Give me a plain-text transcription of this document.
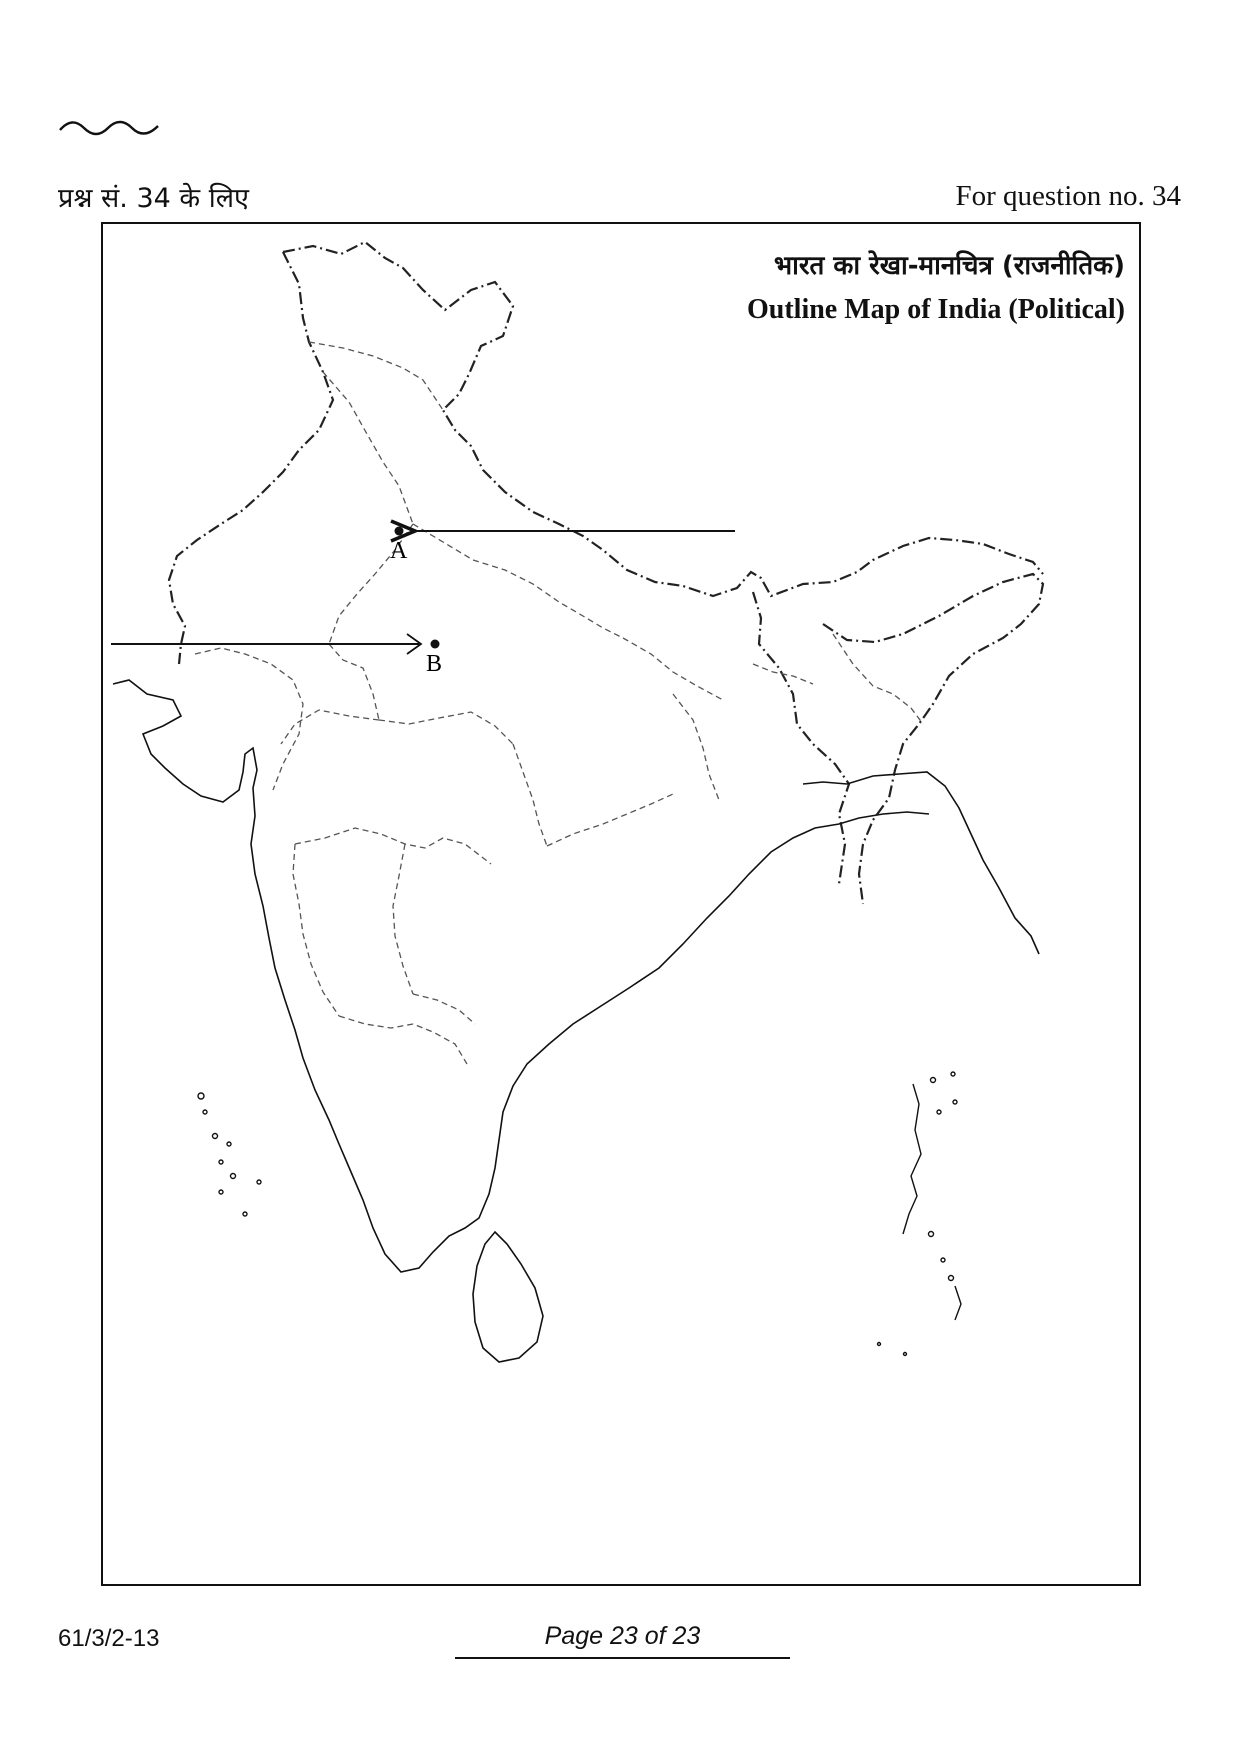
प्रश्न सं. 34 के लिए	For question no. 34
A
B
भारत का रेखा-मानचित्र (राजनीतिक)
Outline Map of India (Political)
61/3/2-13	Page 23 of 23
